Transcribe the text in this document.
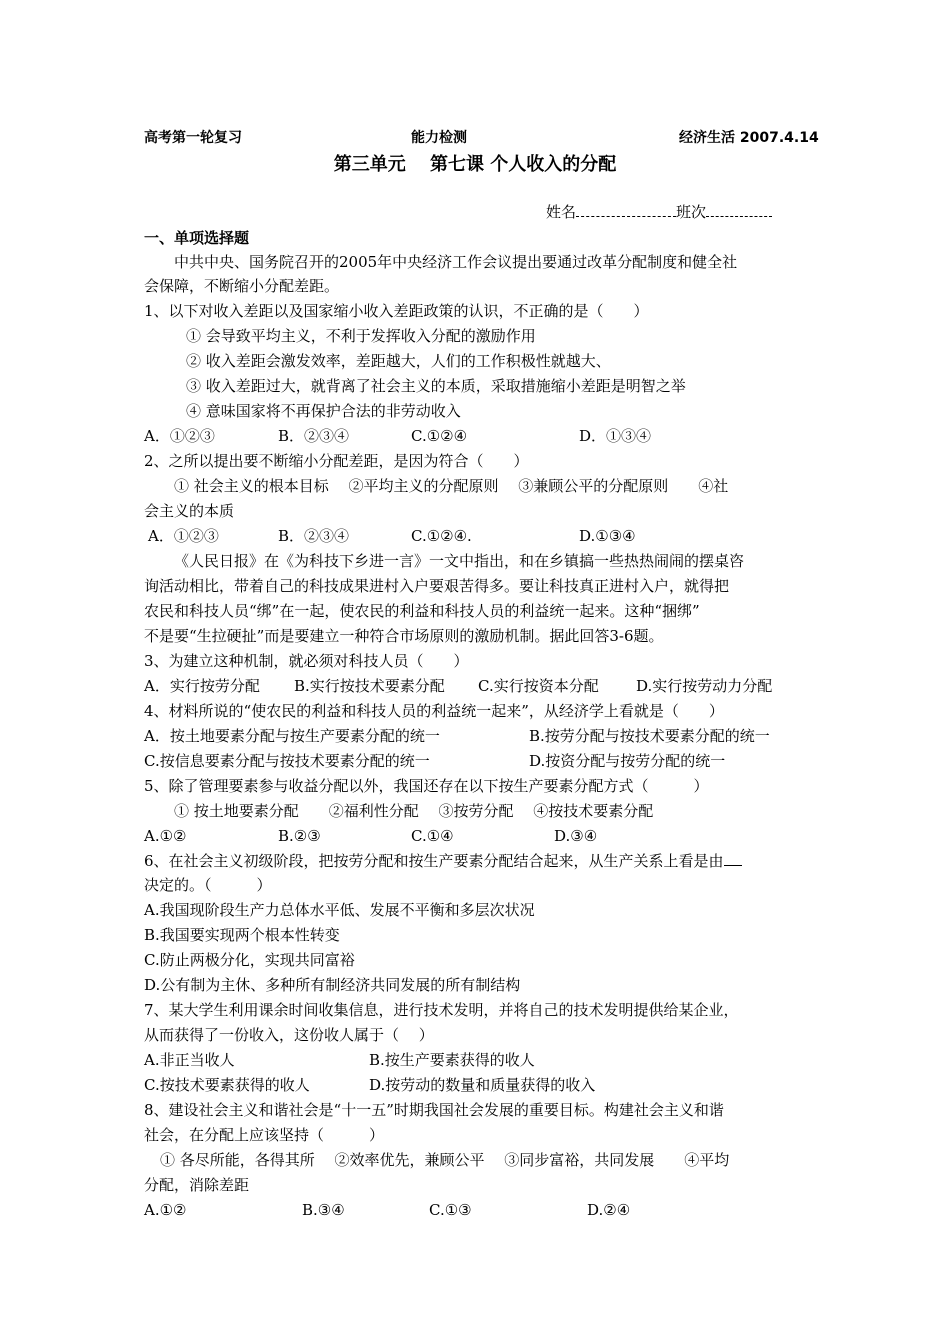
高考第一轮复习	能力检测	经济生活 2007.4.14
第三单元　 第七课 个人收入的分配
姓名	班次
一、单项选择题
中共中央、国务院召开的2005年中央经济工作会议提出要通过改革分配制度和健全社
会保障，不断缩小分配差距。
1、以下对收入差距以及国家缩小收入差距政策的认识，不正确的是（　　）
① 会导致平均主义，不利于发挥收入分配的激励作用
② 收入差距会激发效率，差距越大，人们的工作积极性就越大、
③ 收入差距过大，就背离了社会主义的本质，采取措施缩小差距是明智之举
④ 意味国家将不再保护合法的非劳动收入
A．①②③	B．②③④	C.①②④	D．①③④
2、之所以提出要不断缩小分配差距，是因为符合（　　）
① 社会主义的根本目标　 ②平均主义的分配原则　 ③兼顾公平的分配原则　　④社
会主义的本质
A．①②③	B．②③④	C.①②④.	D.①③④
《人民日报》在《为科技下乡进一言》一文中指出，和在乡镇搞一些热热闹闹的摆桌咨
询活动相比，带着自己的科技成果进村入户要艰苦得多。要让科技真正进村入户，就得把
农民和科技人员“绑”在一起，使农民的利益和科技人员的利益统一起来。这种“捆绑”
不是要“生拉硬扯”而是要建立一种符合市场原则的激励机制。据此回答3-6题。
3、为建立这种机制，就必须对科技人员（　　）
A．实行按劳分配 B.实行按技术要素分配 C.实行按资本分配 D.实行按劳动力分配
4、材料所说的“使农民的利益和科技人员的利益统一起来”，从经济学上看就是（　　）
A．按土地要素分配与按生产要素分配的统一	B.按劳分配与按技术要素分配的统一
C.按信息要素分配与按技术要素分配的统一	D.按资分配与按劳分配的统一
5、除了管理要素参与收益分配以外，我国还存在以下按生产要素分配方式（　　　）
① 按土地要素分配　　②福利性分配　 ③按劳分配　 ④按技术要素分配
A.①②	B.②③	C.①④	D.③④
6、在社会主义初级阶段，把按劳分配和按生产要素分配结合起来，从生产关系上看是由
决定的。（　　　）
A.我国现阶段生产力总体水平低、发展不平衡和多层次状况
B.我国要实现两个根本性转变
C.防止两极分化，实现共同富裕
D.公有制为主休、多种所有制经济共同发展的所有制结构
7、某大学生利用课余时间收集信息，进行技术发明，并将自己的技术发明提供给某企业，
从而获得了一份收入，这份收人属于（　 ）
A.非正当收人	B.按生产要素获得的收人
C.按技术要素获得的收人	D.按劳动的数量和质量获得的收入
8、建设社会主义和谐社会是“十一五”时期我国社会发展的重要目标。构建社会主义和谐
社会，在分配上应该坚持（　　　）
① 各尽所能，各得其所　 ②效率优先，兼顾公平　 ③同步富裕，共同发展　　④平均
分配，消除差距
A.①②	B.③④	C.①③	D.②④
